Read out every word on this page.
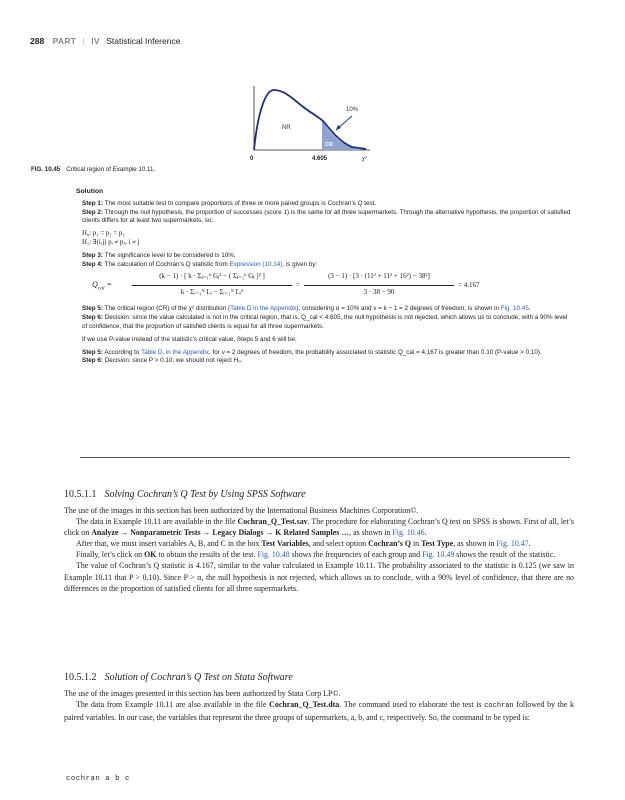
288 PART | IV Statistical Inference
10%
NR
CR
0	4.605	χ²
FIG. 10.45 Critical region of Example 10.11.

Solution

Step 1: The most suitable test to compare proportions of three or more paired groups is Cochran’s Q test.

Step 2: Through the null hypothesis, the proportion of successes (score 1) is the same for all three supermarkets. Through the alternative hypothesis, the proportion of satisfied clients differs for at least two supermarkets, so:

H₀: p₁ = p₂ = p₃

H₁: ∃(i,j) pᵢ ≠ pⱼ, i ≠ j

Step 3: The significance level to be considered is 10%.

Step 4: The calculation of Cochran’s Q statistic from Expression (10.14), is given by:

$Q_{cal}$ =
(k − 1) · [ k · Σⱼ₌₁ᵏ Gⱼ² − ( Σⱼ₌₁ᵏ Gⱼ )² ]
k · Σᵢ₌₁ᴺ Lᵢ − Σᵢ₌₁ᴺ Lᵢ²
=
(3 − 1) · [3 · (11² + 11² + 16²) − 38²]
3 · 38 − 90
= 4.167

Step 5: The critical region (CR) of the χ² distribution (Table D in the Appendix), considering α = 10% and ν = k − 1 = 2 degrees of freedom, is shown in Fig. 10.45.

Step 6: Decision: since the value calculated is not in the critical region, that is, Q_cal < 4.605, the null hypothesis is not rejected, which allows us to conclude, with a 90% level of confidence, that the proportion of satisfied clients is equal for all three supermarkets.

If we use P-value instead of the statistic’s critical value, Steps 5 and 6 will be:

Step 5: According to Table D, in the Appendix, for ν = 2 degrees of freedom, the probability associated to statistic Q_cal = 4.167 is greater than 0.10 (P-value > 0.10).

Step 6: Decision: since P > 0.10, we should not reject H₀.

10.5.1.1 Solving Cochran’s Q Test by Using SPSS Software

The use of the images in this section has been authorized by the International Business Machines Corporation©.

The data in Example 10.11 are available in the file Cochran_Q_Test.sav. The procedure for elaborating Cochran’s Q test on SPSS is shown. First of all, let’s click on Analyze → Nonparametric Tests → Legacy Dialogs → K Related Samples …, as shown in Fig. 10.46.

After that, we must insert variables A, B, and C in the box Test Variables, and select option Cochran’s Q in Test Type, as shown in Fig. 10.47.

Finally, let’s click on OK to obtain the results of the test. Fig. 10.48 shows the frequencies of each group and Fig. 10.49 shows the result of the statistic.

The value of Cochran’s Q statistic is 4.167, similar to the value calculated in Example 10.11. The probability associated to the statistic is 0.125 (we saw in Example 10.11 that P > 0.10). Since P > α, the null hypothesis is not rejected, which allows us to conclude, with a 90% level of confidence, that there are no differences in the proportion of satisfied clients for all three supermarkets.

10.5.1.2 Solution of Cochran’s Q Test on Stata Software

The use of the images presented in this section has been authorized by Stata Corp LP©.

The data from Example 10.11 are also available in the file Cochran_Q_Test.dta. The command used to elaborate the test is cochran followed by the k paired variables. In our case, the variables that represent the three groups of supermarkets, a, b, and c, respectively. So, the command to be typed is:

cochran a b c
